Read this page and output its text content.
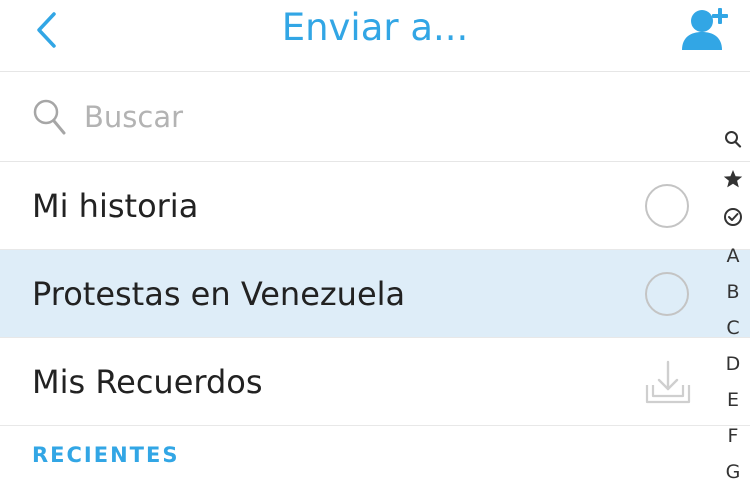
Enviar a...
Buscar
Mi historia
Protestas en Venezuela
Mis Recuerdos
RECIENTES
A
B
C
D
E
F
G
